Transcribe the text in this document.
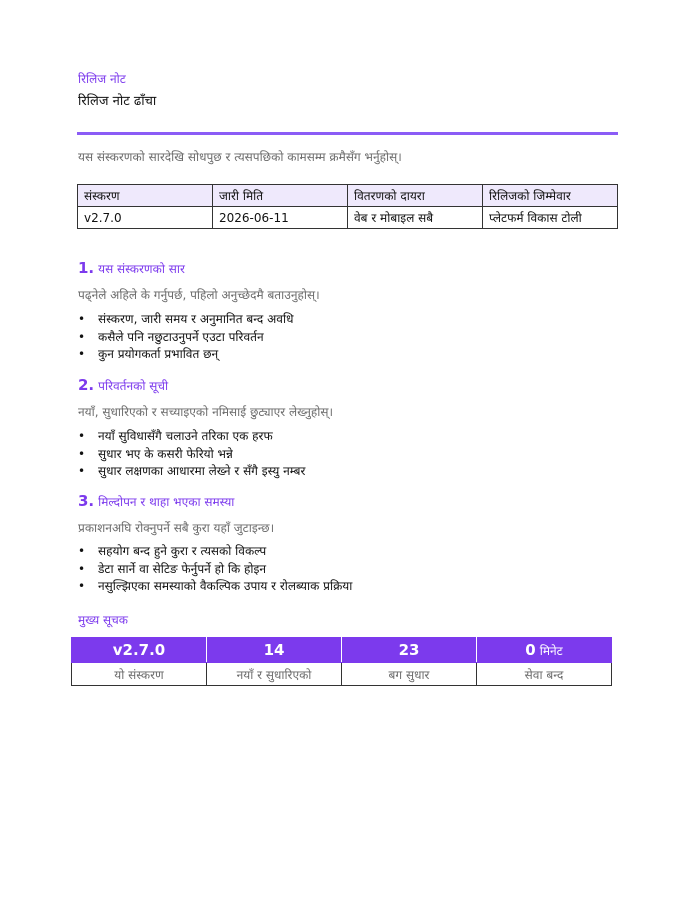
रिलिज नोट
रिलिज नोट ढाँचा
यस संस्करणको सारदेखि सोधपुछ र त्यसपछिको कामसम्म क्रमैसँग भर्नुहोस्।
संस्करण	जारी मिति	वितरणको दायरा	रिलिजको जिम्मेवार
v2.7.0	2026-06-11	वेब र मोबाइल सबै	प्लेटफर्म विकास टोली
1. यस संस्करणको सार
पढ्नेले अहिले के गर्नुपर्छ, पहिलो अनुच्छेदमै बताउनुहोस्।
• संस्करण, जारी समय र अनुमानित बन्द अवधि
• कसैले पनि नछुटाउनुपर्ने एउटा परिवर्तन
• कुन प्रयोगकर्ता प्रभावित छन्
2. परिवर्तनको सूची
नयाँ, सुधारिएको र सच्याइएको नमिसाई छुट्याएर लेख्नुहोस्।
• नयाँ सुविधासँगै चलाउने तरिका एक हरफ
• सुधार भए के कसरी फेरियो भन्ने
• सुधार लक्षणका आधारमा लेख्ने र सँगै इस्यु नम्बर
3. मिल्दोपन र थाहा भएका समस्या
प्रकाशनअघि रोक्नुपर्ने सबै कुरा यहाँ जुटाइन्छ।
• सहयोग बन्द हुने कुरा र त्यसको विकल्प
• डेटा सार्ने वा सेटिङ फेर्नुपर्ने हो कि होइन
• नसुल्झिएका समस्याको वैकल्पिक उपाय र रोलब्याक प्रक्रिया
मुख्य सूचक
v2.7.0	14	23	0 मिनेट
यो संस्करण	नयाँ र सुधारिएको	बग सुधार	सेवा बन्द
